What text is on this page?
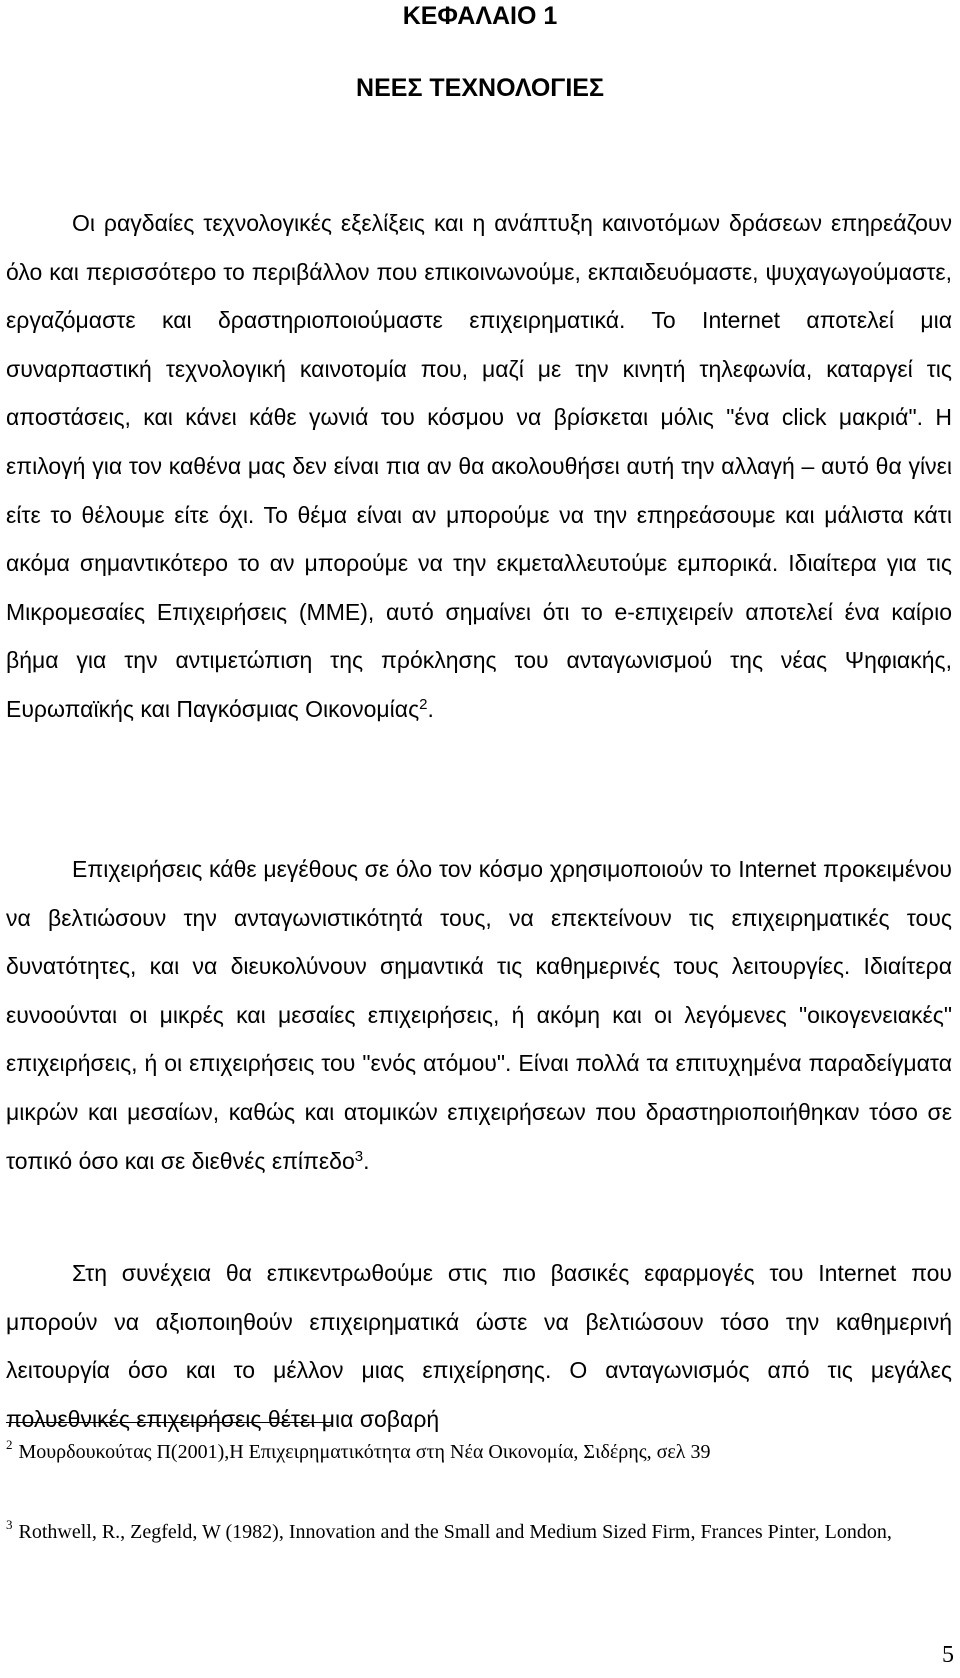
ΚΕΦΑΛΑΙΟ 1
ΝΕΕΣ ΤΕΧΝΟΛΟΓΙΕΣ

Οι ραγδαίες τεχνολογικές εξελίξεις και η ανάπτυξη καινοτόμων δράσεων επηρεάζουν όλο και περισσότερο το περιβάλλον που επικοινωνούμε, εκπαιδευόμαστε, ψυχαγωγούμαστε, εργαζόμαστε και δραστηριοποιούμαστε επιχειρηματικά. Το Internet αποτελεί μια συναρπαστική τεχνολογική καινοτομία που, μαζί με την κινητή τηλεφωνία, καταργεί τις αποστάσεις, και κάνει κάθε γωνιά του κόσμου να βρίσκεται μόλις "ένα click μακριά". Η επιλογή για τον καθένα μας δεν είναι πια αν θα ακολουθήσει αυτή την αλλαγή – αυτό θα γίνει είτε το θέλουμε είτε όχι. Το θέμα είναι αν μπορούμε να την επηρεάσουμε και μάλιστα κάτι ακόμα σημαντικότερο το αν μπορούμε να την εκμεταλλευτούμε εμπορικά. Ιδιαίτερα για τις Μικρομεσαίες Επιχειρήσεις (ΜΜΕ), αυτό σημαίνει ότι το e-επιχειρείν αποτελεί ένα καίριο βήμα για την αντιμετώπιση της πρόκλησης του ανταγωνισμού της νέας Ψηφιακής, Ευρωπαϊκής και Παγκόσμιας Οικονομίας$^2$.

Επιχειρήσεις κάθε μεγέθους σε όλο τον κόσμο χρησιμοποιούν το Internet προκειμένου να βελτιώσουν την ανταγωνιστικότητά τους, να επεκτείνουν τις επιχειρηματικές τους δυνατότητες, και να διευκολύνουν σημαντικά τις καθημερινές τους λειτουργίες. Ιδιαίτερα ευνοούνται οι μικρές και μεσαίες επιχειρήσεις, ή ακόμη και οι λεγόμενες "οικογενειακές" επιχειρήσεις, ή οι επιχειρήσεις του "ενός ατόμου". Είναι πολλά τα επιτυχημένα παραδείγματα μικρών και μεσαίων, καθώς και ατομικών επιχειρήσεων που δραστηριοποιήθηκαν τόσο σε τοπικό όσο και σε διεθνές επίπεδο$^3$.

Στη συνέχεια θα επικεντρωθούμε στις πιο βασικές εφαρμογές του Internet που μπορούν να αξιοποιηθούν επιχειρηματικά ώστε να βελτιώσουν τόσο την καθημερινή λειτουργία όσο και το μέλλον μιας επιχείρησης. Ο ανταγωνισμός από τις μεγάλες πολυεθνικές επιχειρήσεις θέτει μια σοβαρή

$^2$ Μουρδουκούτας Π(2001),Η Επιχειρηματικότητα στη Νέα Οικονομία, Σιδέρης, σελ 39

$^3$ Rothwell, R., Zegfeld, W (1982), Innovation and the Small and Medium Sized Firm, Frances Pinter, London,

5
